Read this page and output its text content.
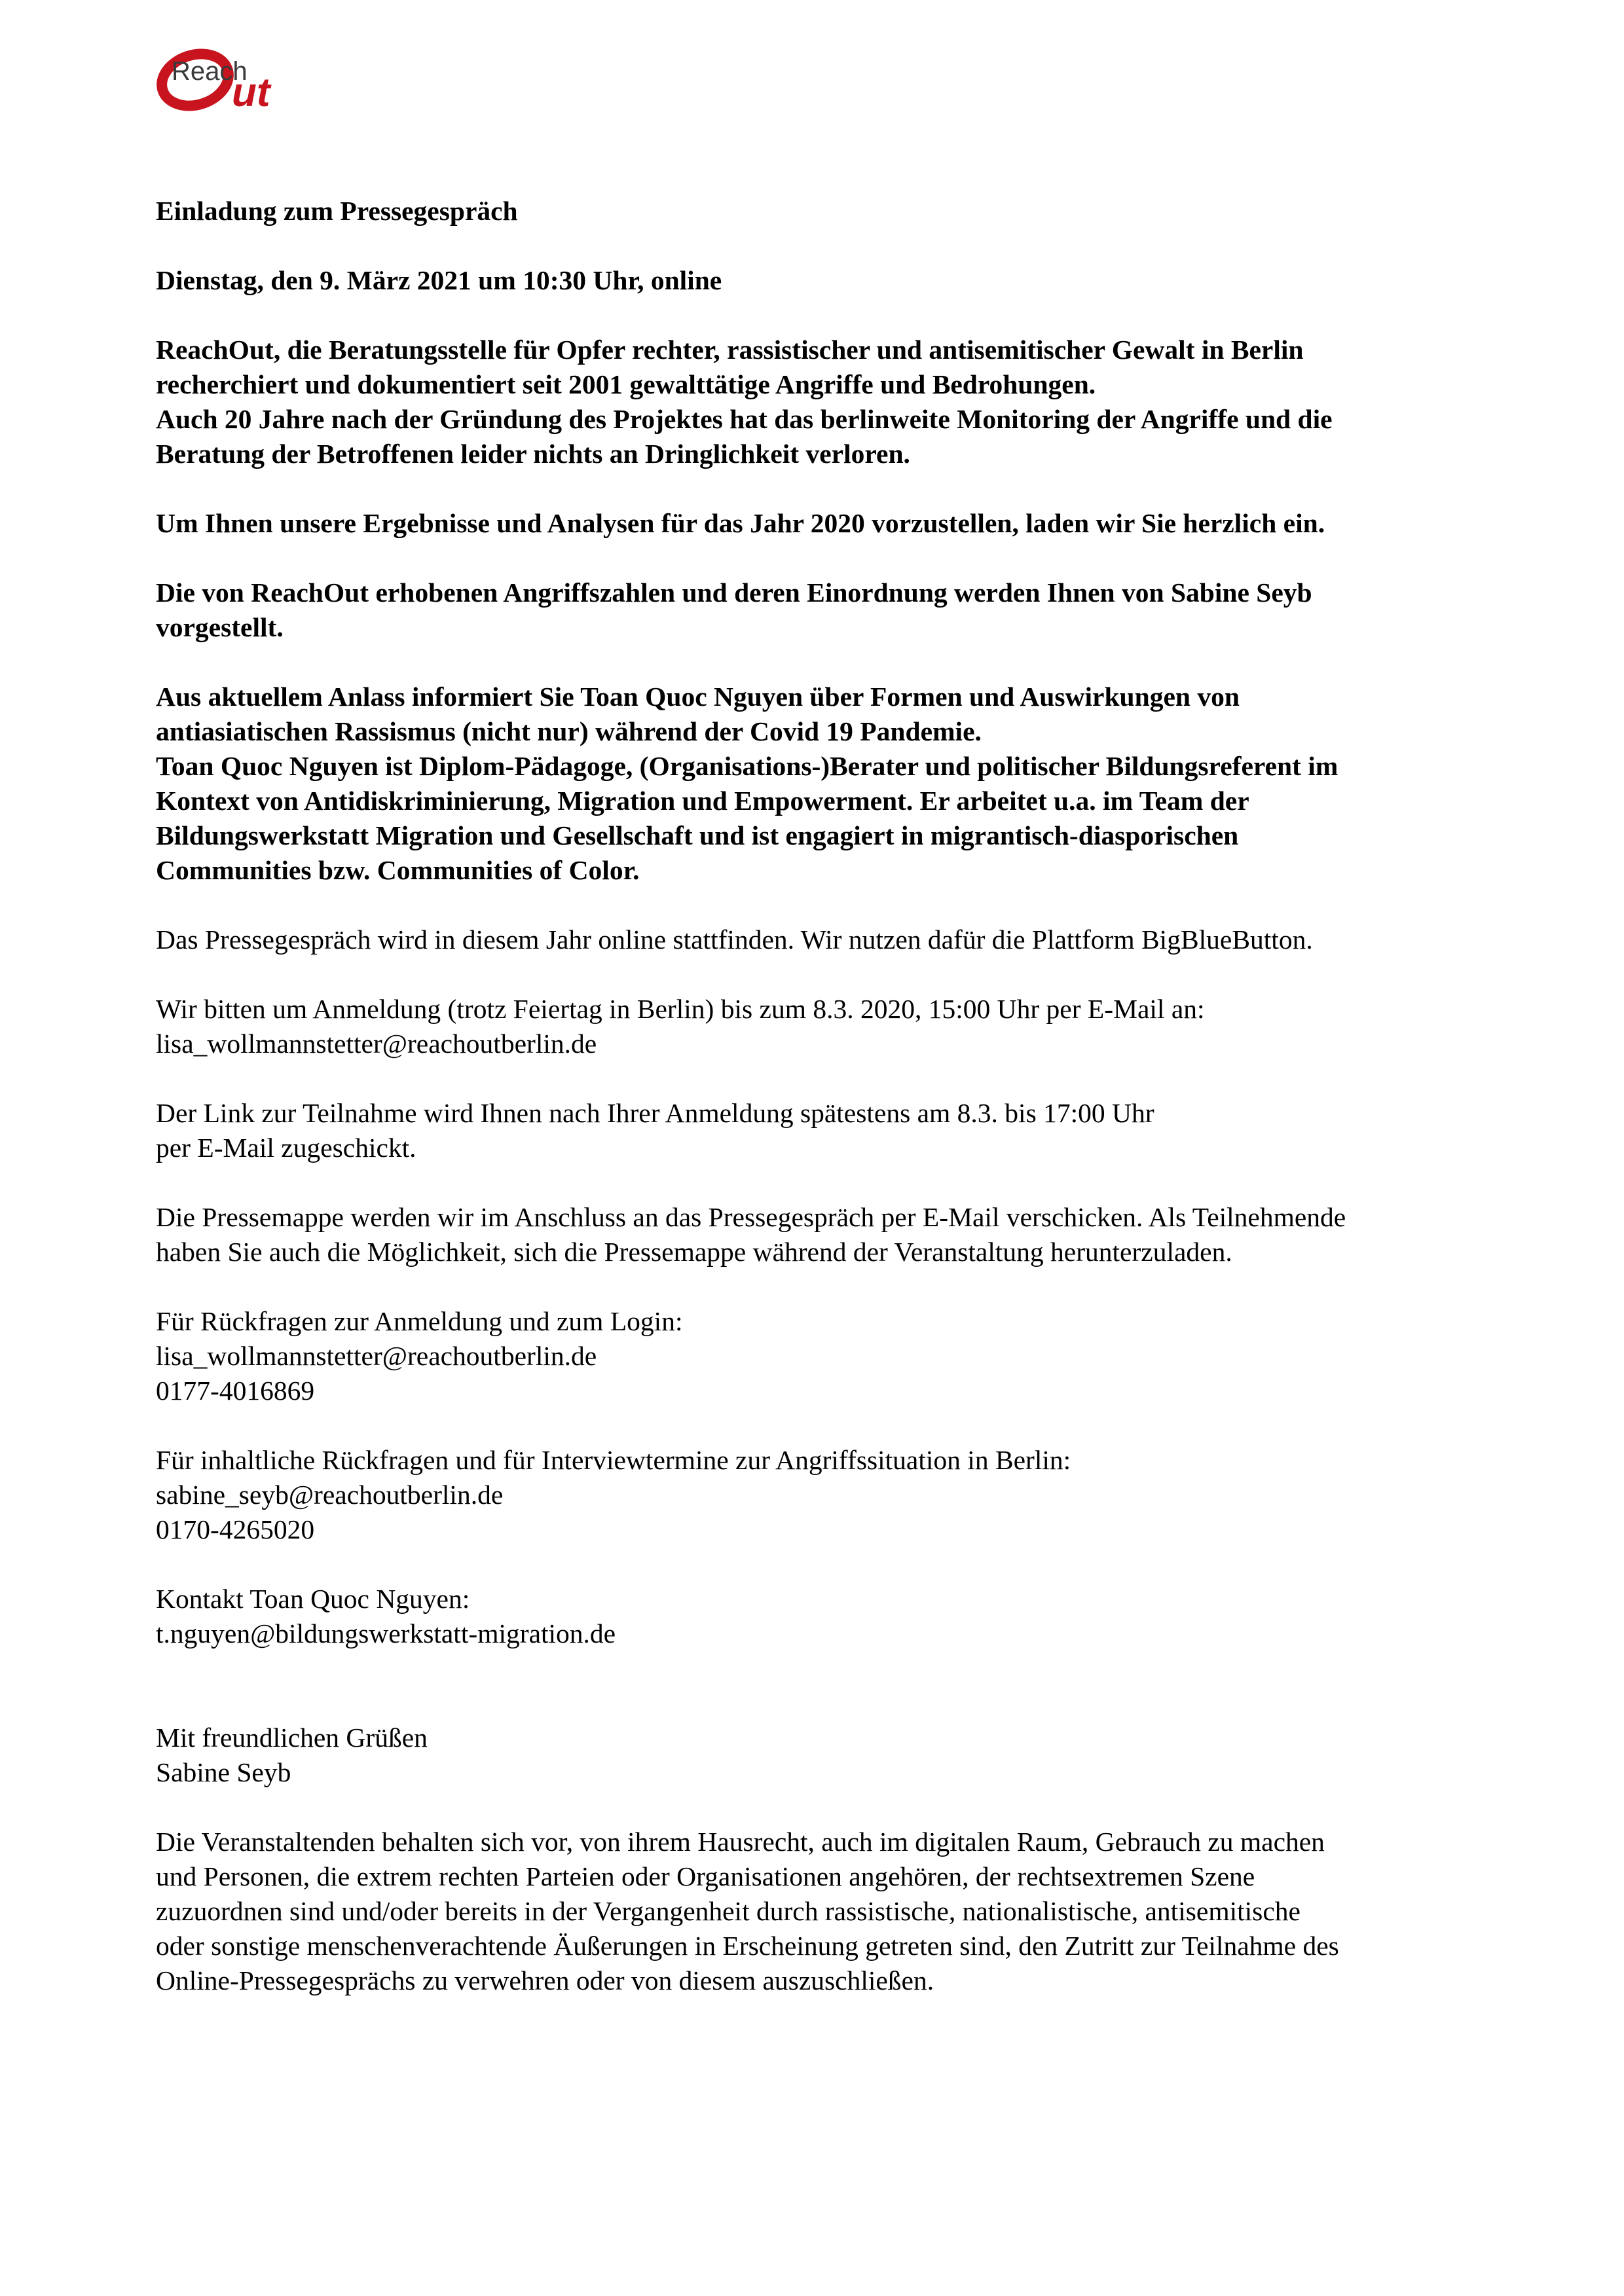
Reach
ut

Einladung zum Pressegespräch

Dienstag, den 9. März 2021 um 10:30 Uhr, online

ReachOut, die Beratungsstelle für Opfer rechter, rassistischer und antisemitischer Gewalt in Berlin
recherchiert und dokumentiert seit 2001 gewalttätige Angriffe und Bedrohungen.
Auch 20 Jahre nach der Gründung des Projektes hat das berlinweite Monitoring der Angriffe und die
Beratung der Betroffenen leider nichts an Dringlichkeit verloren.

Um Ihnen unsere Ergebnisse und Analysen für das Jahr 2020 vorzustellen, laden wir Sie herzlich ein.

Die von ReachOut erhobenen Angriffszahlen und deren Einordnung werden Ihnen von Sabine Seyb
vorgestellt.
Aus aktuellem Anlass informiert Sie Toan Quoc Nguyen über Formen und Auswirkungen von
antiasiatischen Rassismus (nicht nur) während der Covid 19 Pandemie.
Toan Quoc Nguyen ist Diplom-Pädagoge, (Organisations-)Berater und politischer Bildungsreferent im
Kontext von Antidiskriminierung, Migration und Empowerment. Er arbeitet u.a. im Team der
Bildungswerkstatt Migration und Gesellschaft und ist engagiert in migrantisch-diasporischen
Communities bzw. Communities of Color.

Das Pressegespräch wird in diesem Jahr online stattfinden. Wir nutzen dafür die Plattform BigBlueButton.

Wir bitten um Anmeldung (trotz Feiertag in Berlin) bis zum 8.3. 2020, 15:00 Uhr per E-Mail an:
lisa_wollmannstetter@reachoutberlin.de
Der Link zur Teilnahme wird Ihnen nach Ihrer Anmeldung spätestens am 8.3. bis 17:00 Uhr
per E-Mail zugeschickt.
Die Pressemappe werden wir im Anschluss an das Pressegespräch per E-Mail verschicken. Als Teilnehmende
haben Sie auch die Möglichkeit, sich die Pressemappe während der Veranstaltung herunterzuladen.
Für Rückfragen zur Anmeldung und zum Login:
lisa_wollmannstetter@reachoutberlin.de
0177-4016869
Für inhaltliche Rückfragen und für Interviewtermine zur Angriffssituation in Berlin:
sabine_seyb@reachoutberlin.de
0170-4265020
Kontakt Toan Quoc Nguyen:
t.nguyen@bildungswerkstatt-migration.de
Mit freundlichen Grüßen
Sabine Seyb
Die Veranstaltenden behalten sich vor, von ihrem Hausrecht, auch im digitalen Raum, Gebrauch zu machen
und Personen, die extrem rechten Parteien oder Organisationen angehören, der rechtsextremen Szene
zuzuordnen sind und/oder bereits in der Vergangenheit durch rassistische, nationalistische, antisemitische
oder sonstige menschenverachtende Äußerungen in Erscheinung getreten sind, den Zutritt zur Teilnahme des
Online-Pressegesprächs zu verwehren oder von diesem auszuschließen.
